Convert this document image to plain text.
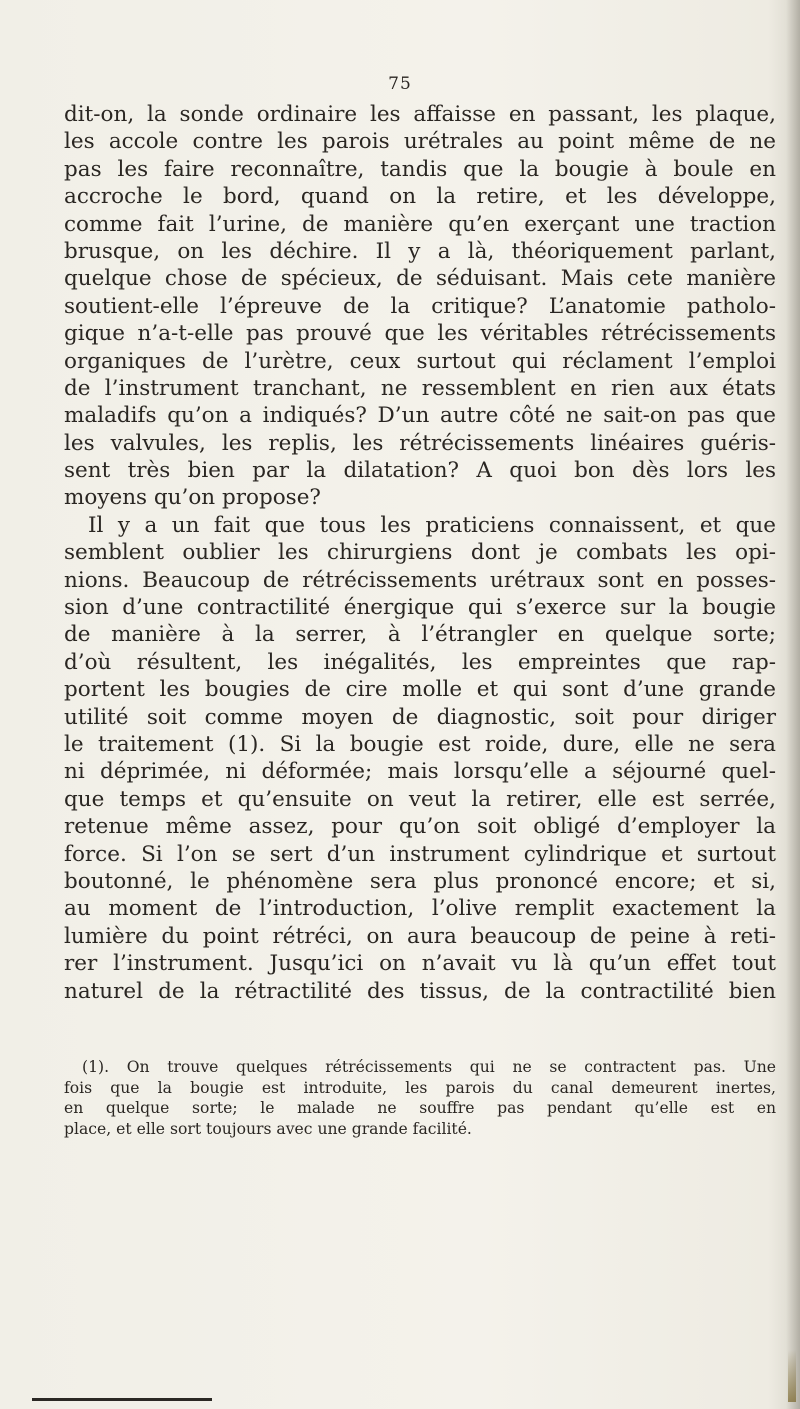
75
dit-on, la sonde ordinaire les affaisse en passant, les plaque,
les accole contre les parois urétrales au point même de ne
pas les faire reconnaître, tandis que la bougie à boule en
accroche le bord, quand on la retire, et les développe,
comme fait l’urine, de manière qu’en exerçant une traction
brusque, on les déchire. Il y a là, théoriquement parlant,
quelque chose de spécieux, de séduisant. Mais cete manière
soutient-elle l’épreuve de la critique? L’anatomie patholo-
gique n’a-t-elle pas prouvé que les véritables rétrécissements
organiques de l’urètre, ceux surtout qui réclament l’emploi
de l’instrument tranchant, ne ressemblent en rien aux états
maladifs qu’on a indiqués? D’un autre côté ne sait-on pas que
les valvules, les replis, les rétrécissements linéaires guéris-
sent très bien par la dilatation? A quoi bon dès lors les
moyens qu’on propose?
Il y a un fait que tous les praticiens connaissent, et que
semblent oublier les chirurgiens dont je combats les opi-
nions. Beaucoup de rétrécissements urétraux sont en posses-
sion d’une contractilité énergique qui s’exerce sur la bougie
de manière à la serrer, à l’étrangler en quelque sorte;
d’où résultent, les inégalités, les empreintes que rap-
portent les bougies de cire molle et qui sont d’une grande
utilité soit comme moyen de diagnostic, soit pour diriger
le traitement (1). Si la bougie est roide, dure, elle ne sera
ni déprimée, ni déformée; mais lorsqu’elle a séjourné quel-
que temps et qu’ensuite on veut la retirer, elle est serrée,
retenue même assez, pour qu’on soit obligé d’employer la
force. Si l’on se sert d’un instrument cylindrique et surtout
boutonné, le phénomène sera plus prononcé encore; et si,
au moment de l’introduction, l’olive remplit exactement la
lumière du point rétréci, on aura beaucoup de peine à reti-
rer l’instrument. Jusqu’ici on n’avait vu là qu’un effet tout
naturel de la rétractilité des tissus, de la contractilité bien
(1). On trouve quelques rétrécissements qui ne se contractent pas. Une
fois que la bougie est introduite, les parois du canal demeurent inertes,
en quelque sorte; le malade ne souffre pas pendant qu’elle est en
place, et elle sort toujours avec une grande facilité.
